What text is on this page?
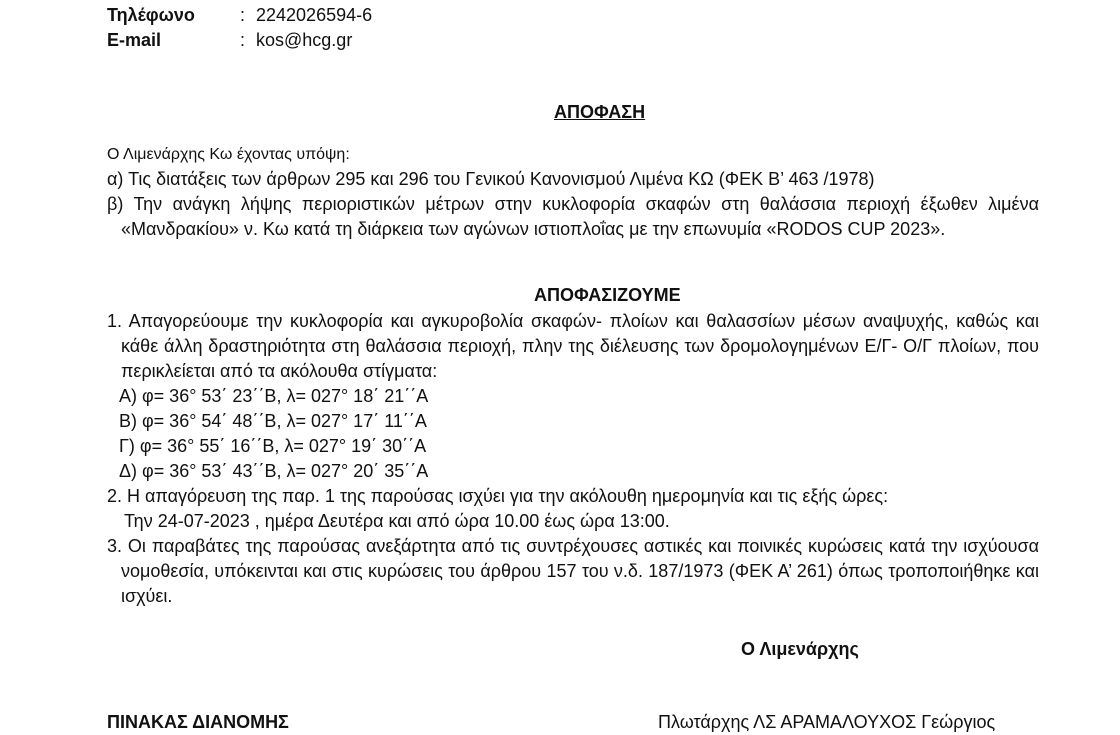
Τηλέφωνο	: 2242026594-6
E-mail	: kos@hcg.gr
ΑΠΟΦΑΣΗ
Ο Λιμενάρχης Κω έχοντας υπόψη:
α) Τις διατάξεις των άρθρων 295 και 296 του Γενικού Κανονισμού Λιμένα ΚΩ (ΦΕΚ Β’ 463 /1978)
β) Την ανάγκη λήψης περιοριστικών μέτρων στην κυκλοφορία σκαφών στη θαλάσσια περιοχή έξωθεν λιμένα «Μανδρακίου» ν. Κω κατά τη διάρκεια των αγώνων ιστιοπλοΐας με την επωνυμία «RODOS CUP 2023».
ΑΠΟΦΑΣΙΖΟΥΜΕ
1. Απαγορεύουμε την κυκλοφορία και αγκυροβολία σκαφών- πλοίων και θαλασσίων μέσων αναψυχής, καθώς και κάθε άλλη δραστηριότητα στη θαλάσσια περιοχή, πλην της διέλευσης των δρομολογημένων Ε/Γ- Ο/Γ πλοίων, που περικλείεται από τα ακόλουθα στίγματα:
Α) φ= 36° 53΄ 23΄΄Β, λ= 027° 18΄ 21΄΄Α
Β) φ= 36° 54΄ 48΄΄Β, λ= 027° 17΄ 11΄΄Α
Γ) φ= 36° 55΄ 16΄΄Β, λ= 027° 19΄ 30΄΄Α
Δ) φ= 36° 53΄ 43΄΄Β, λ= 027° 20΄ 35΄΄Α
2. Η απαγόρευση της παρ. 1 της παρούσας ισχύει για την ακόλουθη ημερομηνία και τις εξής ώρες:
Την 24-07-2023 , ημέρα Δευτέρα και από ώρα 10.00 έως ώρα 13:00.
3. Οι παραβάτες της παρούσας ανεξάρτητα από τις συντρέχουσες αστικές και ποινικές κυρώσεις κατά την ισχύουσα νομοθεσία, υπόκεινται και στις κυρώσεις του άρθρου 157 του ν.δ. 187/1973 (ΦΕΚ Α’ 261) όπως τροποποιήθηκε και ισχύει.
Ο Λιμενάρχης
ΠΙΝΑΚΑΣ ΔΙΑΝΟΜΗΣ	Πλωτάρχης ΛΣ ΑΡΑΜΑΛΟΥΧΟΣ Γεώργιος
